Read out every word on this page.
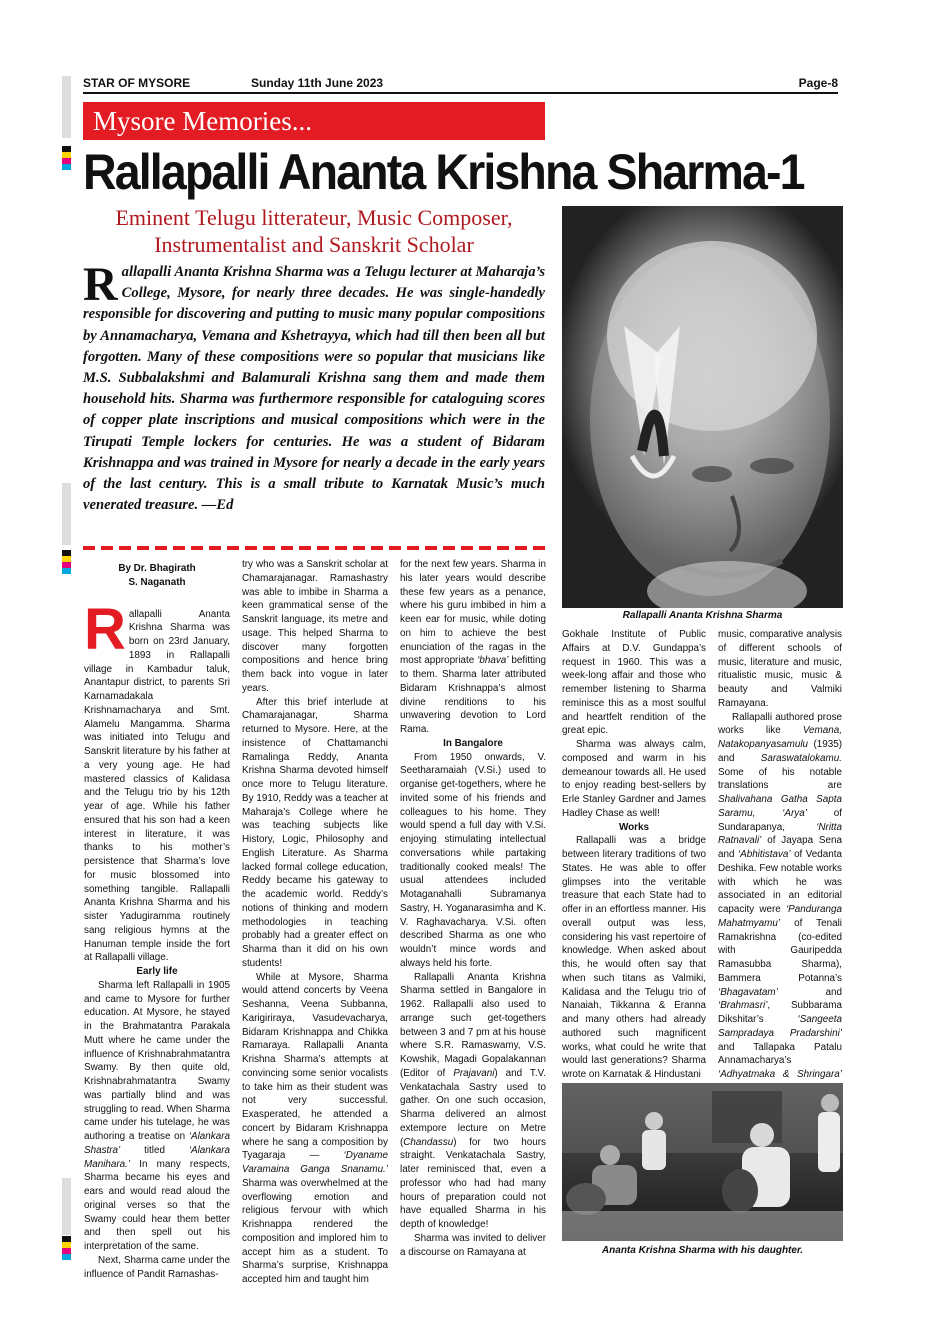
STAR OF MYSORE	Sunday 11th June 2023	Page-8
Mysore Memories...
Rallapalli Ananta Krishna Sharma-1
Eminent Telugu litterateur, Music Composer, Instrumentalist and Sanskrit Scholar
Rallapalli Ananta Krishna Sharma was a Telugu lecturer at Maharaja’s College, Mysore, for nearly three decades. He was single-handedly responsible for discovering and putting to music many popular compositions by Annamacharya, Vemana and Kshetrayya, which had till then been all but forgotten. Many of these compositions were so popular that musicians like M.S. Subbalakshmi and Balamurali Krishna sang them and made them household hits. Sharma was furthermore responsible for cataloguing scores of copper plate inscriptions and musical compositions which were in the Tirupati Temple lockers for centuries. He was a student of Bidaram Krishnappa and was trained in Mysore for nearly a decade in the early years of the last century. This is a small tribute to Karnatak Music’s much venerated treasure. —Ed
Rallapalli Ananta Krishna Sharma
By Dr. Bhagirath
S. Naganath

Rallapalli Ananta Krishna Sharma was born on 23rd January, 1893 in Rallapalli village in Kambadur taluk, Anantapur district, to parents Sri Karnamadakala Krishnamacharya and Smt. Alamelu Mangamma. Sharma was initiated into Telugu and Sanskrit literature by his father at a very young age. He had mastered classics of Kalidasa and the Telugu trio by his 12th year of age. While his father ensured that his son had a keen interest in literature, it was thanks to his mother’s persistence that Sharma’s love for music blossomed into something tangible. Rallapalli Ananta Krishna Sharma and his sister Yadugiramma routinely sang religious hymns at the Hanuman temple inside the fort at Rallapalli village.

Early life

Sharma left Rallapalli in 1905 and came to Mysore for further education. At Mysore, he stayed in the Brahmatantra Parakala Mutt where he came under the influence of Krishnabrahmatantra Swamy. By then quite old, Krishnabrahmatantra Swamy was partially blind and was struggling to read. When Sharma came under his tutelage, he was authoring a treatise on ‘Alankara Shastra’ titled ‘Alankara Manihara.’ In many respects, Sharma became his eyes and ears and would read aloud the original verses so that the Swamy could hear them better and then spell out his interpretation of the same.

Next, Sharma came under the influence of Pandit Ramashas-

try who was a Sanskrit scholar at Chamarajanagar. Ramashastry was able to imbibe in Sharma a keen grammatical sense of the Sanskrit language, its metre and usage. This helped Sharma to discover many forgotten compositions and hence bring them back into vogue in later years.

After this brief interlude at Chamarajanagar, Sharma returned to Mysore. Here, at the insistence of Chattamanchi Ramalinga Reddy, Ananta Krishna Sharma devoted himself once more to Telugu literature. By 1910, Reddy was a teacher at Maharaja’s College where he was teaching subjects like History, Logic, Philosophy and English Literature. As Sharma lacked formal college education, Reddy became his gateway to the academic world. Reddy’s notions of thinking and modern methodologies in teaching probably had a greater effect on Sharma than it did on his own students!

While at Mysore, Sharma would attend concerts by Veena Seshanna, Veena Subbanna, Karigiriraya, Vasudevacharya, Bidaram Krishnappa and Chikka Ramaraya. Rallapalli Ananta Krishna Sharma’s attempts at convincing some senior vocalists to take him as their student was not very successful. Exasperated, he attended a concert by Bidaram Krishnappa where he sang a composition by Tyagaraja — ‘Dyaname Varamaina Ganga Snanamu.’ Sharma was overwhelmed at the overflowing emotion and religious fervour with which Krishnappa rendered the composition and implored him to accept him as a student. To Sharma’s surprise, Krishnappa accepted him and taught him

for the next few years. Sharma in his later years would describe these few years as a penance, where his guru imbibed in him a keen ear for music, while doting on him to achieve the best enunciation of the ragas in the most appropriate ‘bhava’ befitting to them. Sharma later attributed Bidaram Krishnappa’s almost divine renditions to his unwavering devotion to Lord Rama.

In Bangalore

From 1950 onwards, V. Seetharamaiah (V.Si.) used to organise get-togethers, where he invited some of his friends and colleagues to his home. They would spend a full day with V.Si. enjoying stimulating intellectual conversations while partaking traditionally cooked meals! The usual attendees included Motaganahalli Subramanya Sastry, H. Yoganarasimha and K. V. Raghavacharya. V.Si. often described Sharma as one who wouldn’t mince words and always held his forte.

Rallapalli Ananta Krishna Sharma settled in Bangalore in 1962. Rallapalli also used to arrange such get-togethers between 3 and 7 pm at his house where S.R. Ramaswamy, V.S. Kowshik, Magadi Gopalakannan (Editor of Prajavani) and T.V. Venkatachala Sastry used to gather. On one such occasion, Sharma delivered an almost extempore lecture on Metre (Chandassu) for two hours straight. Venkatachala Sastry, later reminisced that, even a professor who had had many hours of preparation could not have equalled Sharma in his depth of knowledge!

Sharma was invited to deliver a discourse on Ramayana at

Gokhale Institute of Public Affairs at D.V. Gundappa’s request in 1960. This was a week-long affair and those who remember listening to Sharma reminisce this as a most soulful and heartfelt rendition of the great epic.

Sharma was always calm, composed and warm in his demeanour towards all. He used to enjoy reading best-sellers by Erle Stanley Gardner and James Hadley Chase as well!

Works

Rallapalli was a bridge between literary traditions of two States. He was able to offer glimpses into the veritable treasure that each State had to offer in an effortless manner. His overall output was less, considering his vast repertoire of knowledge. When asked about this, he would often say that when such titans as Valmiki, Kalidasa and the Telugu trio of Nanaiah, Tikkanna & Eranna and many others had already authored such magnificent works, what could he write that would last generations? Sharma wrote on Karnatak & Hindustani

music, comparative analysis of different schools of music, literature and music, ritualistic music, music & beauty and Valmiki Ramayana.

Rallapalli authored prose works like Vemana, Natakopanyasamulu (1935) and Saraswatalokamu. Some of his notable translations are Shalivahana Gatha Sapta Saramu, ‘Arya’ of Sundarapanya, ‘Nritta Ratnavali’ of Jayapa Sena and ‘Abhitistava’ of Vedanta Deshika. Few notable works with which he was associated in an editorial capacity were ‘Panduranga Mahatmyamu’ of Tenali Ramakrishna (co-edited with Gauripedda Ramasubba Sharma), Bammera Potanna’s ‘Bhagavatam’ and ‘Brahmasri’, Subbarama Dikshitar’s ‘Sangeeta Sampradaya Pradarshini’ and Tallapaka Patalu Annamacharya’s ‘Adhyatmaka & Shringara’

Ananta Krishna Sharma with his daughter.
